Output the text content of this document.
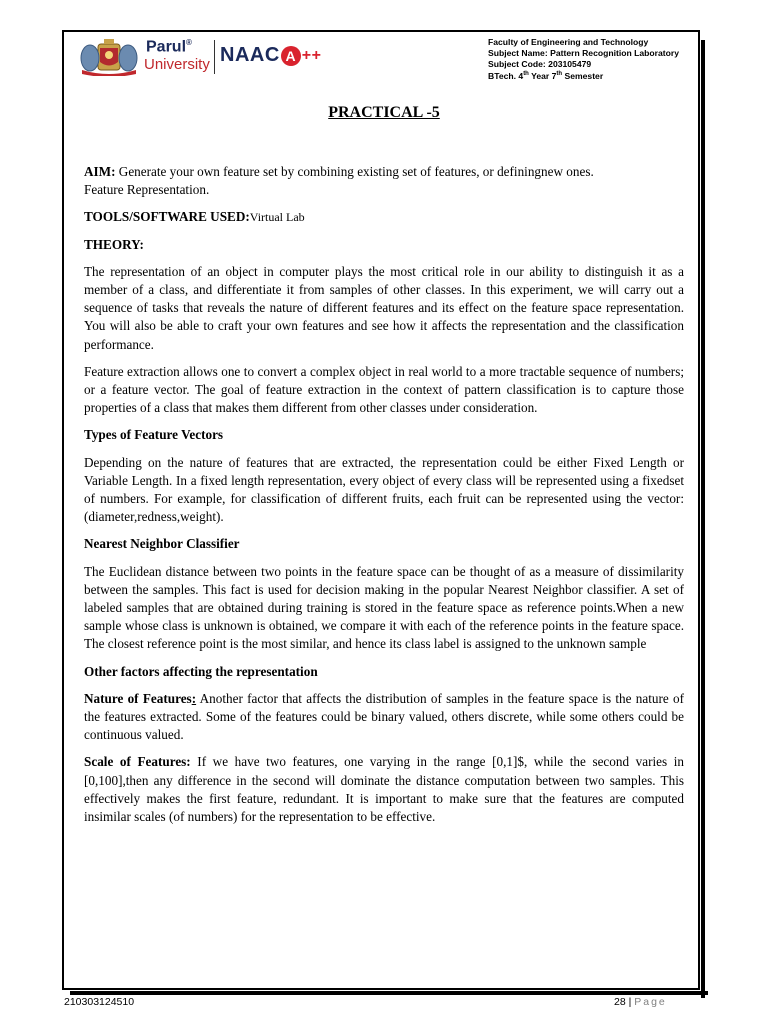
Parul®
University NAAC A ++
Faculty of Engineering and Technology
Subject Name: Pattern Recognition Laboratory
Subject Code: 203105479
BTech. 4th Year 7th Semester
PRACTICAL -5

AIM: Generate your own feature set by combining existing set of features, or definingnew ones.
Feature Representation.

TOOLS/SOFTWARE USED:Virtual Lab

THEORY:

The representation of an object in computer plays the most critical role in our ability to distinguish it as a member of a class, and differentiate it from samples of other classes. In this experiment, we will carry out a sequence of tasks that reveals the nature of different features and its effect on the feature space representation. You will also be able to craft your own features and see how it affects the representation and the classification performance.

Feature extraction allows one to convert a complex object in real world to a more tractable sequence of numbers; or a feature vector. The goal of feature extraction in the context of pattern classification is to capture those properties of a class that makes them different from other classes under consideration.

Types of Feature Vectors

Depending on the nature of features that are extracted, the representation could be either Fixed Length or Variable Length. In a fixed length representation, every object of every class will be represented using a fixedset of numbers. For example, for classification of different fruits, each fruit can be represented using the vector: (diameter,redness,weight).

Nearest Neighbor Classifier

The Euclidean distance between two points in the feature space can be thought of as a measure of dissimilarity between the samples. This fact is used for decision making in the popular Nearest Neighbor classifier. A set of labeled samples that are obtained during training is stored in the feature space as reference points.When a new sample whose class is unknown is obtained, we compare it with each of the reference points in the feature space. The closest reference point is the most similar, and hence its class label is assigned to the unknown sample

Other factors affecting the representation

Nature of Features: Another factor that affects the distribution of samples in the feature space is the nature of the features extracted. Some of the features could be binary valued, others discrete, while some others could be continuous valued.

Scale of Features: If we have two features, one varying in the range [0,1]$, while the second varies in [0,100],then any difference in the second will dominate the distance computation between two samples. This effectively makes the first feature, redundant. It is important to make sure that the features are computed insimilar scales (of numbers) for the representation to be effective.

210303124510	28 | Page
